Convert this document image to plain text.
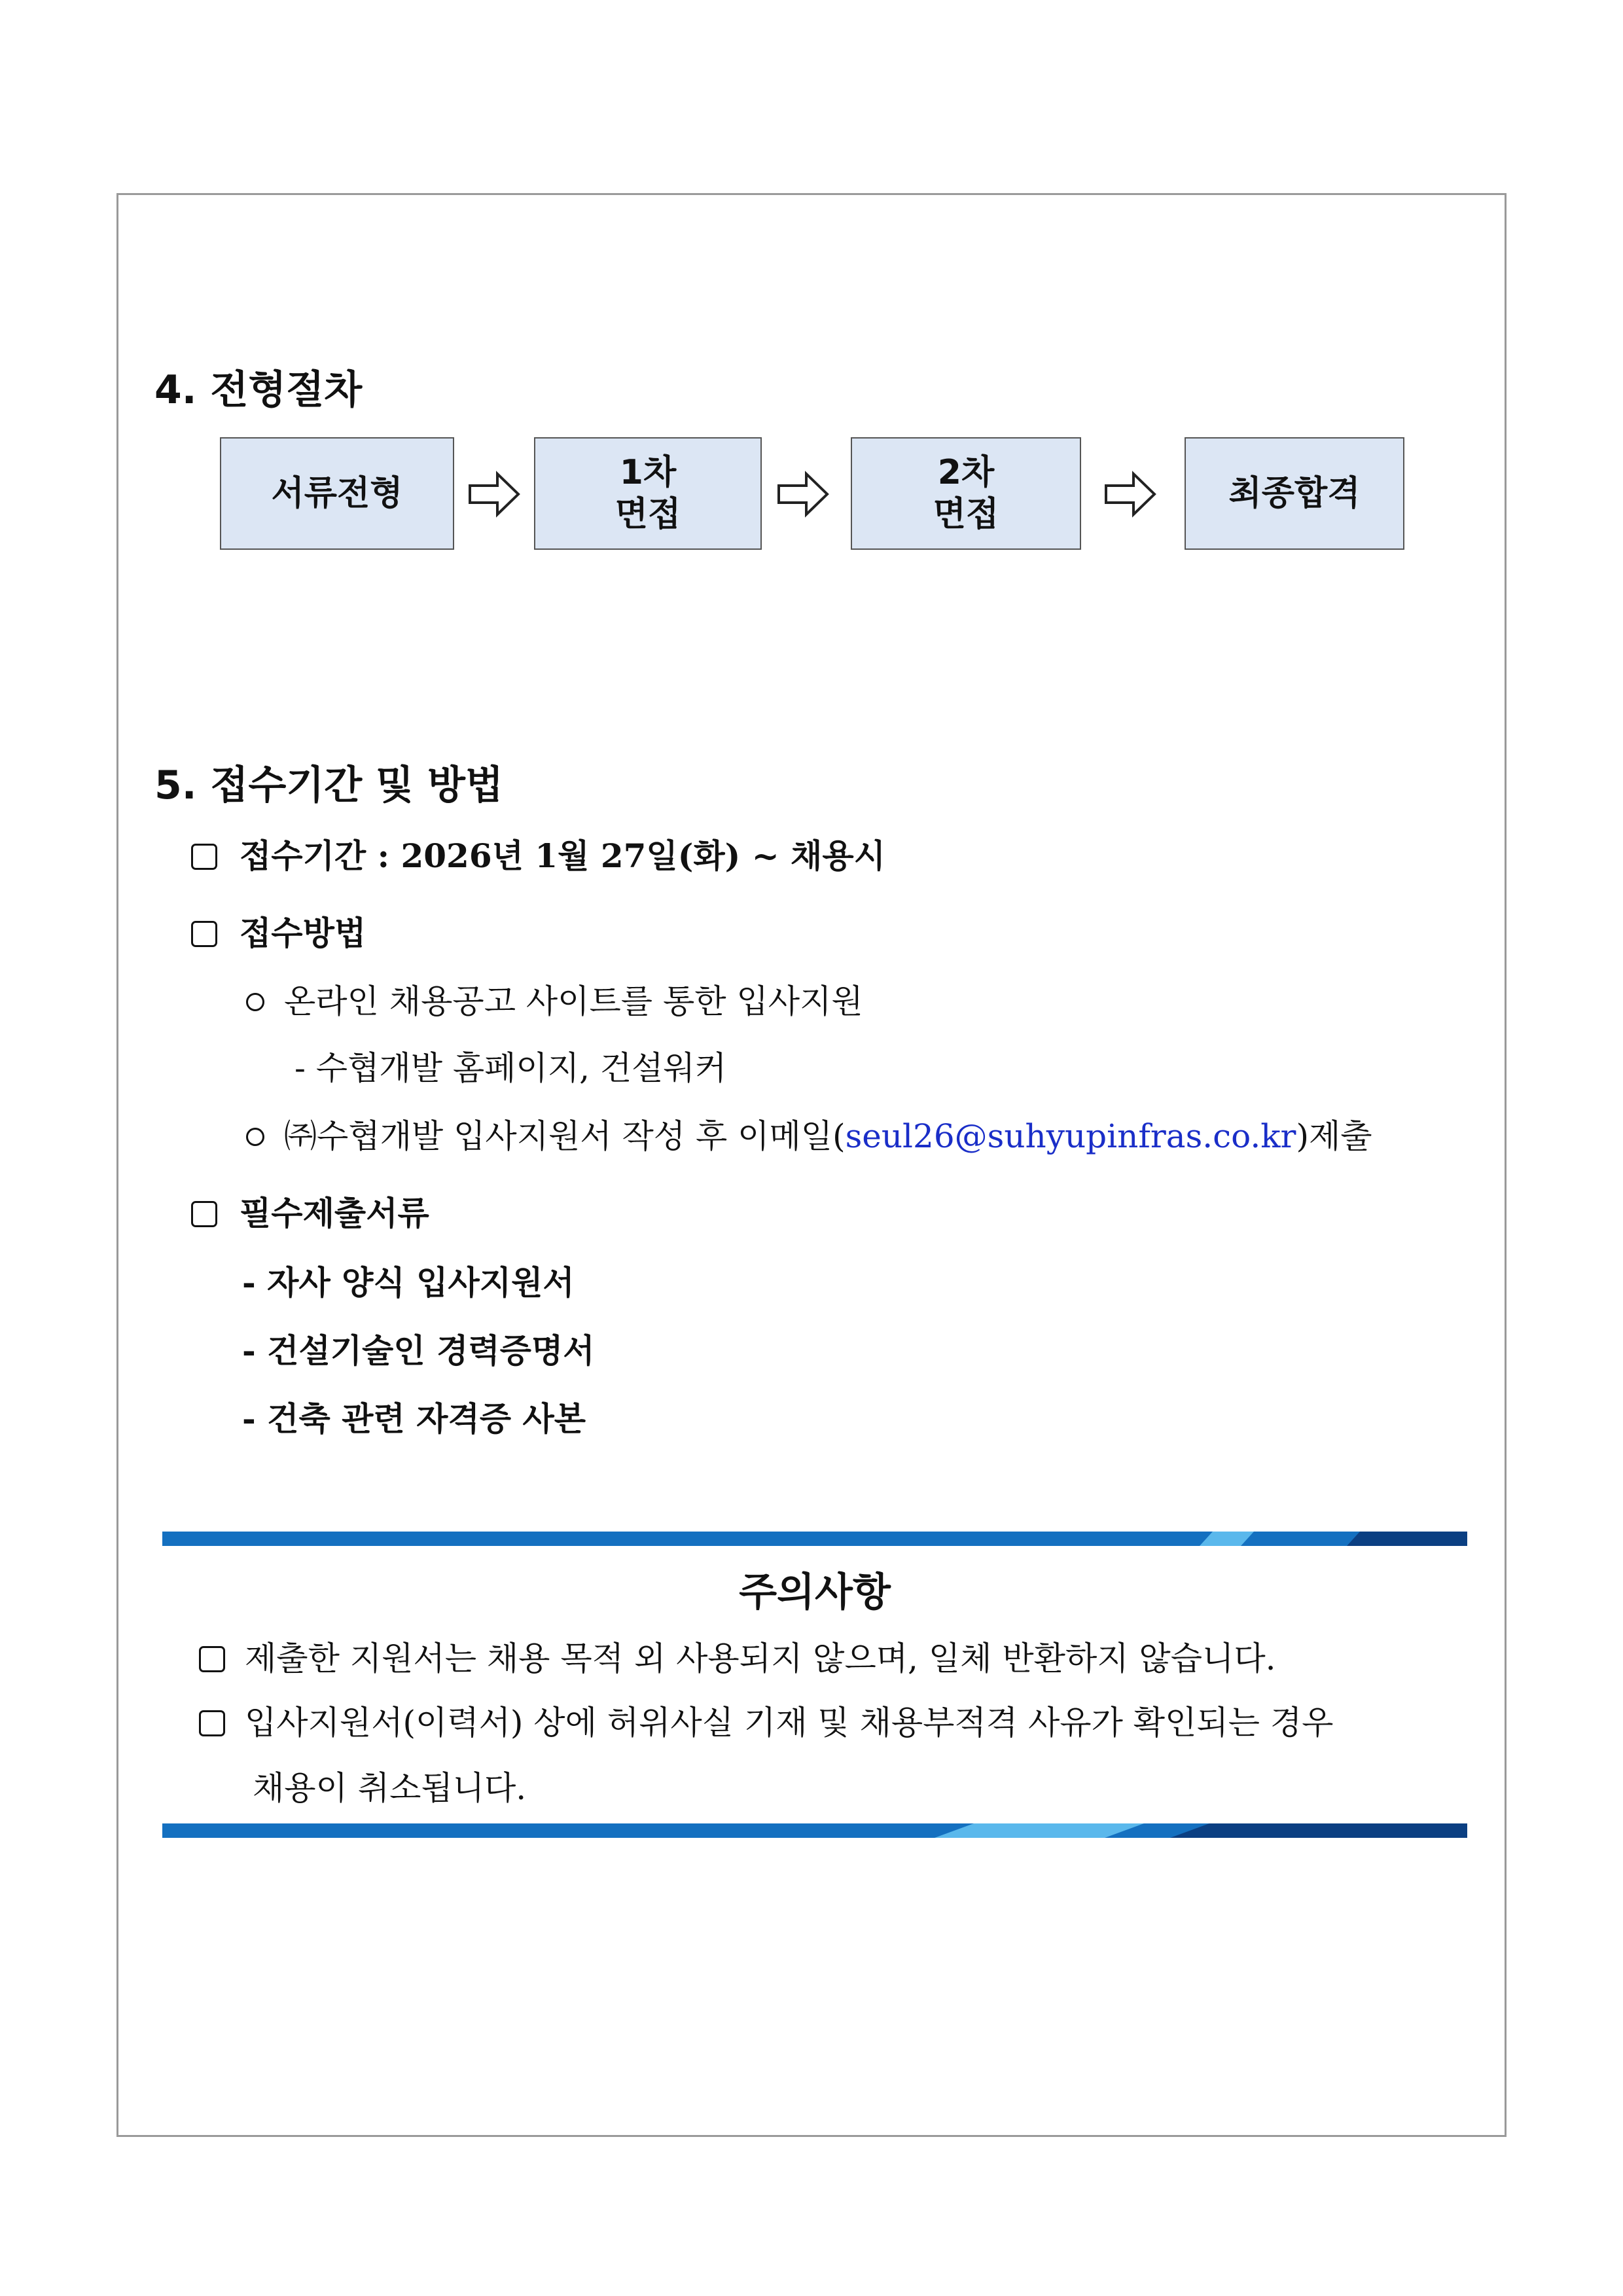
4. 전형절차
서류전형
1차
면접
2차
면접
최종합격
5. 접수기간 및 방법
접수기간 : 2026년 1월 27일(화) ~ 채용시
접수방법
온라인 채용공고 사이트를 통한 입사지원
- 수협개발 홈페이지, 건설워커
㈜수협개발 입사지원서 작성 후 이메일(seul26@suhyupinfras.co.kr)제출
필수제출서류
- 자사 양식 입사지원서
- 건설기술인 경력증명서
- 건축 관련 자격증 사본
주의사항
제출한 지원서는 채용 목적 외 사용되지 않으며, 일체 반환하지 않습니다.
입사지원서(이력서) 상에 허위사실 기재 및 채용부적격 사유가 확인되는 경우
채용이 취소됩니다.
